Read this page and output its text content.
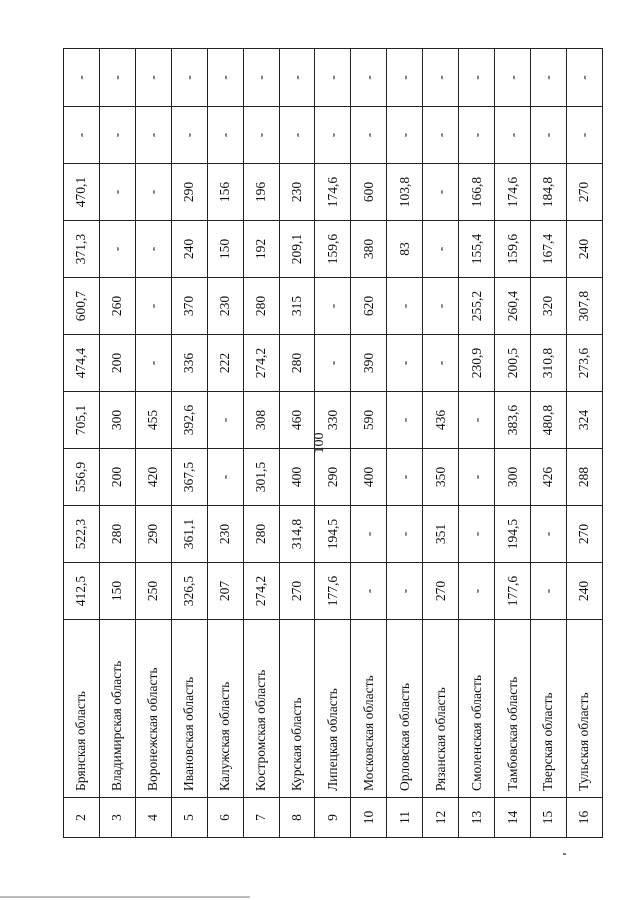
100
2	Брянская область	412,5	522,3	556,9	705,1	474,4	600,7	371,3	470,1	-	-
3	Владимирская область	150	280	200	300	200	260	-	-	-	-
4	Воронежская область	250	290	420	455	-	-	-	-	-	-
5	Ивановская область	326,5	361,1	367,5	392,6	336	370	240	290	-	-
6	Калужская область	207	230	-	-	222	230	150	156	-	-
7	Костромская область	274,2	280	301,5	308	274,2	280	192	196	-	-
8	Курская область	270	314,8	400	460	280	315	209,1	230	-	-
9	Липецкая область	177,6	194,5	290	330	-	-	159,6	174,6	-	-
10	Московская область	-	-	400	590	390	620	380	600	-	-
11	Орловская область	-	-	-	-	-	-	83	103,8	-	-
12	Рязанская область	270	351	350	436	-	-	-	-	-	-
13	Смоленская область	-	-	-	-	230,9	255,2	155,4	166,8	-	-
14	Тамбовская область	177,6	194,5	300	383,6	200,5	260,4	159,6	174,6	-	-
15	Тверская область	-	-	426	480,8	310,8	320	167,4	184,8	-	-
16	Тульская область	240	270	288	324	273,6	307,8	240	270	-	-
